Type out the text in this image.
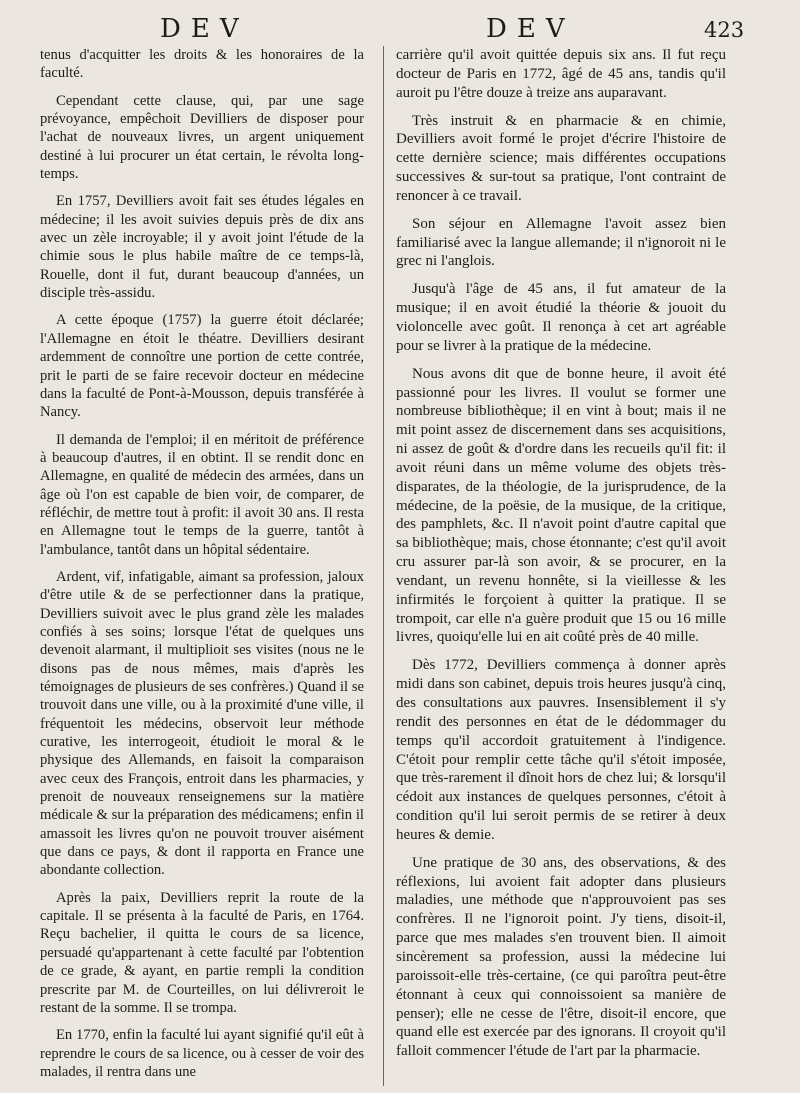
DEV	DEV	423

tenus d'acquitter les droits & les honoraires de la faculté.

Cependant cette clause, qui, par une sage prévoyance, empêchoit Devilliers de disposer pour l'achat de nouveaux livres, un argent uniquement destiné à lui procurer un état certain, le révolta long-temps.

En 1757, Devilliers avoit fait ses études légales en médecine; il les avoit suivies depuis près de dix ans avec un zèle incroyable; il y avoit joint l'étude de la chimie sous le plus habile maître de ce temps-là, Rouelle, dont il fut, durant beaucoup d'années, un disciple très-assidu.

A cette époque (1757) la guerre étoit déclarée; l'Allemagne en étoit le théatre. Devilliers desirant ardemment de connoître une portion de cette contrée, prit le parti de se faire recevoir docteur en médecine dans la faculté de Pont-à-Mousson, depuis transférée à Nancy.

Il demanda de l'emploi; il en méritoit de préférence à beaucoup d'autres, il en obtint. Il se rendit donc en Allemagne, en qualité de médecin des armées, dans un âge où l'on est capable de bien voir, de comparer, de réfléchir, de mettre tout à profit: il avoit 30 ans. Il resta en Allemagne tout le temps de la guerre, tantôt à l'ambulance, tantôt dans un hôpital sédentaire.

Ardent, vif, infatigable, aimant sa profession, jaloux d'être utile & de se perfectionner dans la pratique, Devilliers suivoit avec le plus grand zèle les malades confiés à ses soins; lorsque l'état de quelques uns devenoit alarmant, il multiplioit ses visites (nous ne le disons pas de nous mêmes, mais d'après les témoignages de plusieurs de ses confrères.) Quand il se trouvoit dans une ville, ou à la proximité d'une ville, il fréquentoit les médecins, observoit leur méthode curative, les interrogeoit, étudioit le moral & le physique des Allemands, en faisoit la comparaison avec ceux des François, entroit dans les pharmacies, y prenoit de nouveaux renseignemens sur la matière médicale & sur la préparation des médicamens; enfin il amassoit les livres qu'on ne pouvoit trouver aisément que dans ce pays, & dont il rapporta en France une abondante collection.

Après la paix, Devilliers reprit la route de la capitale. Il se présenta à la faculté de Paris, en 1764. Reçu bachelier, il quitta le cours de sa licence, persuadé qu'appartenant à cette faculté par l'obtention de ce grade, & ayant, en partie rempli la condition prescrite par M. de Courteilles, on lui délivreroit le restant de la somme. Il se trompa.

En 1770, enfin la faculté lui ayant signifié qu'il eût à reprendre le cours de sa licence, ou à cesser de voir des malades, il rentra dans une

carrière qu'il avoit quittée depuis six ans. Il fut reçu docteur de Paris en 1772, âgé de 45 ans, tandis qu'il auroit pu l'être douze à treize ans auparavant.

Très instruit & en pharmacie & en chimie, Devilliers avoit formé le projet d'écrire l'histoire de cette dernière science; mais différentes occupations successives & sur-tout sa pratique, l'ont contraint de renoncer à ce travail.

Son séjour en Allemagne l'avoit assez bien familiarisé avec la langue allemande; il n'ignoroit ni le grec ni l'anglois.

Jusqu'à l'âge de 45 ans, il fut amateur de la musique; il en avoit étudié la théorie & jouoit du violoncelle avec goût. Il renonça à cet art agréable pour se livrer à la pratique de la médecine.

Nous avons dit que de bonne heure, il avoit été passionné pour les livres. Il voulut se former une nombreuse bibliothèque; il en vint à bout; mais il ne mit point assez de discernement dans ses acquisitions, ni assez de goût & d'ordre dans les recueils qu'il fit: il avoit réuni dans un même volume des objets très-disparates, de la théologie, de la jurisprudence, de la médecine, de la poësie, de la musique, de la critique, des pamphlets, &c. Il n'avoit point d'autre capital que sa bibliothèque; mais, chose étonnante; c'est qu'il avoit cru assurer par-là son avoir, & se procurer, en la vendant, un revenu honnête, si la vieillesse & les infirmités le forçoient à quitter la pratique. Il se trompoit, car elle n'a guère produit que 15 ou 16 mille livres, quoiqu'elle lui en ait coûté près de 40 mille.

Dès 1772, Devilliers commença à donner après midi dans son cabinet, depuis trois heures jusqu'à cinq, des consultations aux pauvres. Insensiblement il s'y rendit des personnes en état de le dédommager du temps qu'il accordoit gratuitement à l'indigence. C'étoit pour remplir cette tâche qu'il s'étoit imposée, que très-rarement il dînoit hors de chez lui; & lorsqu'il cédoit aux instances de quelques personnes, c'étoit à condition qu'il lui seroit permis de se retirer à deux heures & demie.

Une pratique de 30 ans, des observations, & des réflexions, lui avoient fait adopter dans plusieurs maladies, une méthode que n'approuvoient pas ses confrères. Il ne l'ignoroit point. J'y tiens, disoit-il, parce que mes malades s'en trouvent bien. Il aimoit sincèrement sa profession, aussi la médecine lui paroissoit-elle très-certaine, (ce qui paroîtra peut-être étonnant à ceux qui connoissoient sa manière de penser); elle ne cesse de l'être, disoit-il encore, que quand elle est exercée par des ignorans. Il croyoit qu'il falloit commencer l'étude de l'art par la pharmacie.
